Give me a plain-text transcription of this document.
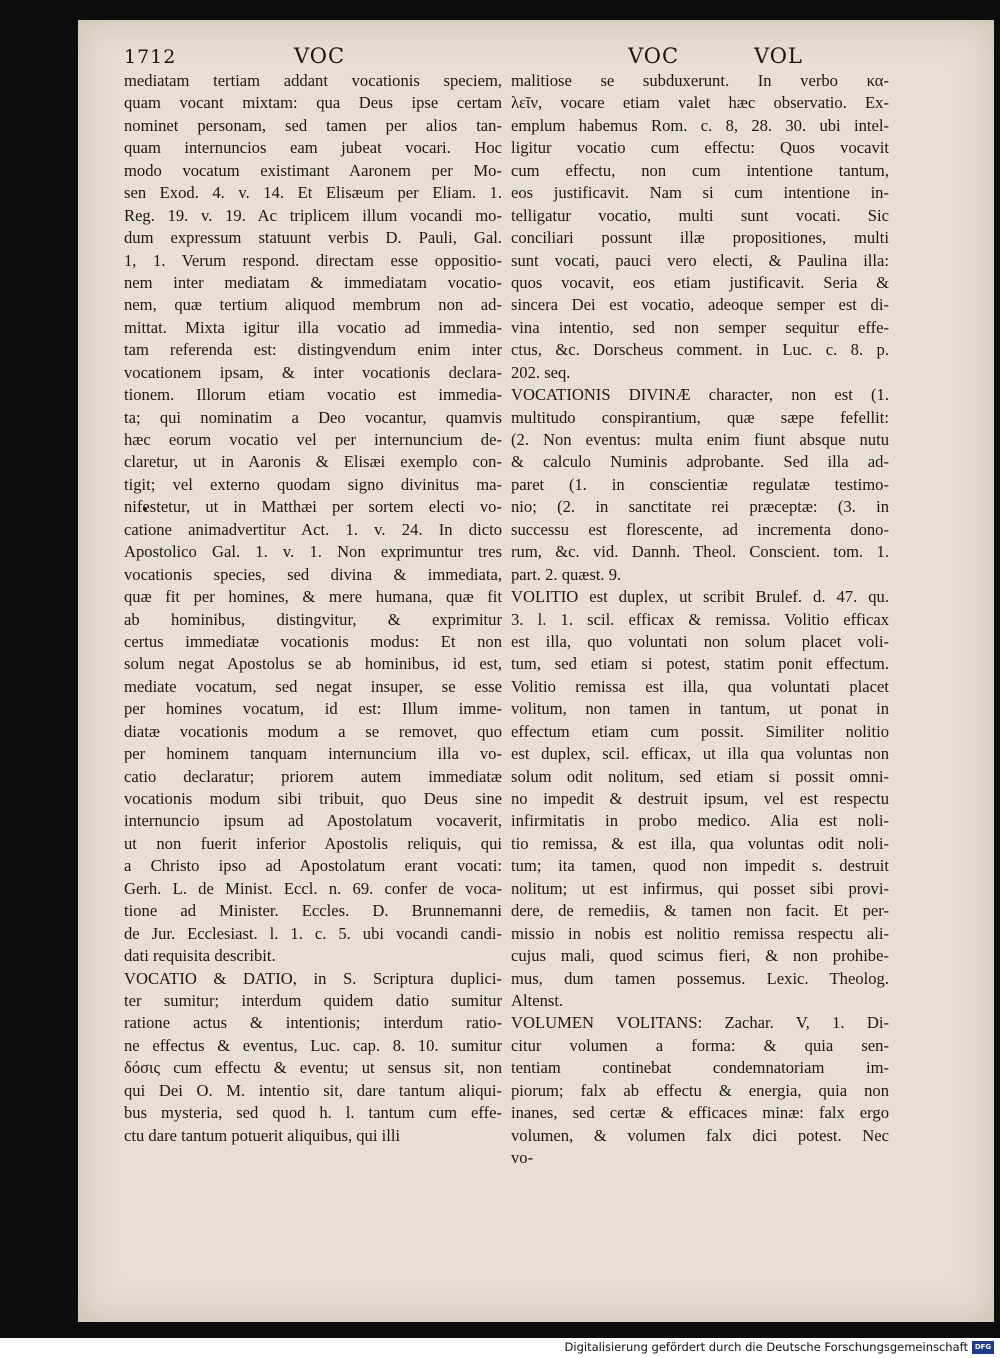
1712	VOC	VOC	VOL
mediatam tertiam addant vocationis speciem,
quam vocant mixtam: qua Deus ipse certam
nominet personam, sed tamen per alios tan-
quam internuncios eam jubeat vocari. Hoc
modo vocatum existimant Aaronem per Mo-
sen Exod. 4. v. 14. Et Elisæum per Eliam. 1.
Reg. 19. v. 19. Ac triplicem illum vocandi mo-
dum expressum statuunt verbis D. Pauli, Gal.
1, 1. Verum respond. directam esse oppositio-
nem inter mediatam & immediatam vocatio-
nem, quæ tertium aliquod membrum non ad-
mittat. Mixta igitur illa vocatio ad immedia-
tam referenda est: distingvendum enim inter
vocationem ipsam, & inter vocationis declara-
tionem. Illorum etiam vocatio est immedia-
ta; qui nominatim a Deo vocantur, quamvis
hæc eorum vocatio vel per internuncium de-
claretur, ut in Aaronis & Elisæi exemplo con-
tigit; vel externo quodam signo divinitus ma-
nifestetur, ut in Matthæi per sortem electi vo-
catione animadvertitur Act. 1. v. 24. In dicto
Apostolico Gal. 1. v. 1. Non exprimuntur tres
vocationis species, sed divina & immediata,
quæ fit per homines, & mere humana, quæ fit
ab hominibus, distingvitur, & exprimitur
certus immediatæ vocationis modus: Et non
solum negat Apostolus se ab hominibus, id est,
mediate vocatum, sed negat insuper, se esse
per homines vocatum, id est: Illum imme-
diatæ vocationis modum a se removet, quo
per hominem tanquam internuncium illa vo-
catio declaratur; priorem autem immediatæ
vocationis modum sibi tribuit, quo Deus sine
internuncio ipsum ad Apostolatum vocaverit,
ut non fuerit inferior Apostolis reliquis, qui
a Christo ipso ad Apostolatum erant vocati:
Gerh. L. de Minist. Eccl. n. 69. confer de voca-
tione ad Minister. Eccles. D. Brunnemanni
de Jur. Ecclesiast. l. 1. c. 5. ubi vocandi candi-
dati requisita describit.
VOCATIO & DATIO, in S. Scriptura duplici-
ter sumitur; interdum quidem datio sumitur
ratione actus & intentionis; interdum ratio-
ne effectus & eventus, Luc. cap. 8. 10. sumitur
δόσις cum effectu & eventu; ut sensus sit, non
qui Dei O. M. intentio sit, dare tantum aliqui-
bus mysteria, sed quod h. l. tantum cum effe-
ctu dare tantum potuerit aliquibus, qui illi
malitiose se subduxerunt. In verbo κα-
λεῖν, vocare etiam valet hæc observatio. Ex-
emplum habemus Rom. c. 8, 28. 30. ubi intel-
ligitur vocatio cum effectu: Quos vocavit
cum effectu, non cum intentione tantum,
eos justificavit. Nam si cum intentione in-
telligatur vocatio, multi sunt vocati. Sic
conciliari possunt illæ propositiones, multi
sunt vocati, pauci vero electi, & Paulina illa:
quos vocavit, eos etiam justificavit. Seria &
sincera Dei est vocatio, adeoque semper est di-
vina intentio, sed non semper sequitur effe-
ctus, &c. Dorscheus comment. in Luc. c. 8. p.
202. seq.
VOCATIONIS DIVINÆ character, non est (1.
multitudo conspirantium, quæ sæpe fefellit:
(2. Non eventus: multa enim fiunt absque nutu
& calculo Numinis adprobante. Sed illa ad-
paret (1. in conscientiæ regulatæ testimo-
nio; (2. in sanctitate rei præceptæ: (3. in
successu est florescente, ad incrementa dono-
rum, &c. vid. Dannh. Theol. Conscient. tom. 1.
part. 2. quæst. 9.
VOLITIO est duplex, ut scribit Brulef. d. 47. qu.
3. l. 1. scil. efficax & remissa. Volitio efficax
est illa, quo voluntati non solum placet voli-
tum, sed etiam si potest, statim ponit effectum.
Volitio remissa est illa, qua voluntati placet
volitum, non tamen in tantum, ut ponat in
effectum etiam cum possit. Similiter nolitio
est duplex, scil. efficax, ut illa qua voluntas non
solum odit nolitum, sed etiam si possit omni-
no impedit & destruit ipsum, vel est respectu
infirmitatis in probo medico. Alia est noli-
tio remissa, & est illa, qua voluntas odit noli-
tum; ita tamen, quod non impedit s. destruit
nolitum; ut est infirmus, qui posset sibi provi-
dere, de remediis, & tamen non facit. Et per-
missio in nobis est nolitio remissa respectu ali-
cujus mali, quod scimus fieri, & non prohibe-
mus, dum tamen possemus. Lexic. Theolog.
Altenst.
VOLUMEN VOLITANS: Zachar. V, 1. Di-
citur volumen a forma: & quia sen-
tentiam continebat condemnatoriam im-
piorum; falx ab effectu & energia, quia non
inanes, sed certæ & efficaces minæ: falx ergo
volumen, & volumen falx dici potest. Nec
vo-
Digitalisierung gefördert durch die Deutsche Forschungsgemeinschaft DFG
